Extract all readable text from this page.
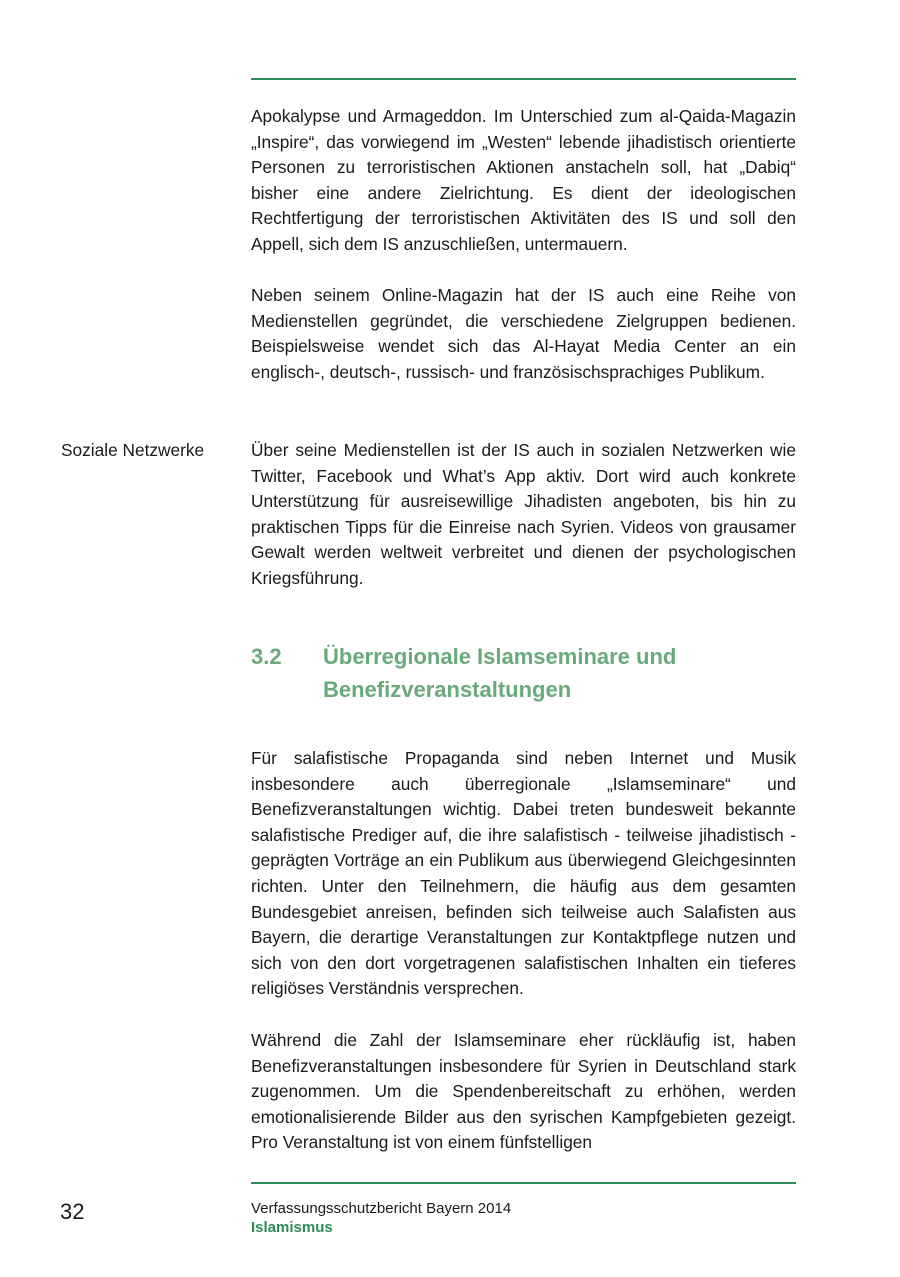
Apokalypse und Armageddon. Im Unterschied zum al-Qaida-Magazin „Inspire“, das vorwiegend im „Westen“ lebende jihadistisch orientierte Personen zu terroristischen Aktionen anstacheln soll, hat „Dabiq“ bisher eine andere Zielrichtung. Es dient der ideologischen Rechtfertigung der terroristischen Aktivitäten des IS und soll den Appell, sich dem IS anzuschließen, untermauern.

Neben seinem Online-Magazin hat der IS auch eine Reihe von Medienstellen gegründet, die verschiedene Zielgruppen bedienen. Beispielsweise wendet sich das Al-Hayat Media Center an ein englisch-, deutsch-, russisch- und französischsprachiges Publikum.

Soziale Netzwerke	Über seine Medienstellen ist der IS auch in sozialen Netzwerken wie Twitter, Facebook und What’s App aktiv. Dort wird auch konkrete Unterstützung für ausreisewillige Jihadisten angeboten, bis hin zu praktischen Tipps für die Einreise nach Syrien. Videos von grausamer Gewalt werden weltweit verbreitet und dienen der psychologischen Kriegsführung.

3.2 Überregionale Islamseminare und Benefizveranstaltungen

Für salafistische Propaganda sind neben Internet und Musik insbesondere auch überregionale „Islamseminare“ und Benefizveranstaltungen wichtig. Dabei treten bundesweit bekannte salafistische Prediger auf, die ihre salafistisch - teilweise jihadistisch - geprägten Vorträge an ein Publikum aus überwiegend Gleichgesinnten richten. Unter den Teilnehmern, die häufig aus dem gesamten Bundesgebiet anreisen, befinden sich teilweise auch Salafisten aus Bayern, die derartige Veranstaltungen zur Kontaktpflege nutzen und sich von den dort vorgetragenen salafistischen Inhalten ein tieferes religiöses Verständnis versprechen.

Während die Zahl der Islamseminare eher rückläufig ist, haben Benefizveranstaltungen insbesondere für Syrien in Deutschland stark zugenommen. Um die Spendenbereitschaft zu erhöhen, werden emotionalisierende Bilder aus den syrischen Kampfgebieten gezeigt. Pro Veranstaltung ist von einem fünfstelligen

32	Verfassungsschutzbericht Bayern 2014
Islamismus
